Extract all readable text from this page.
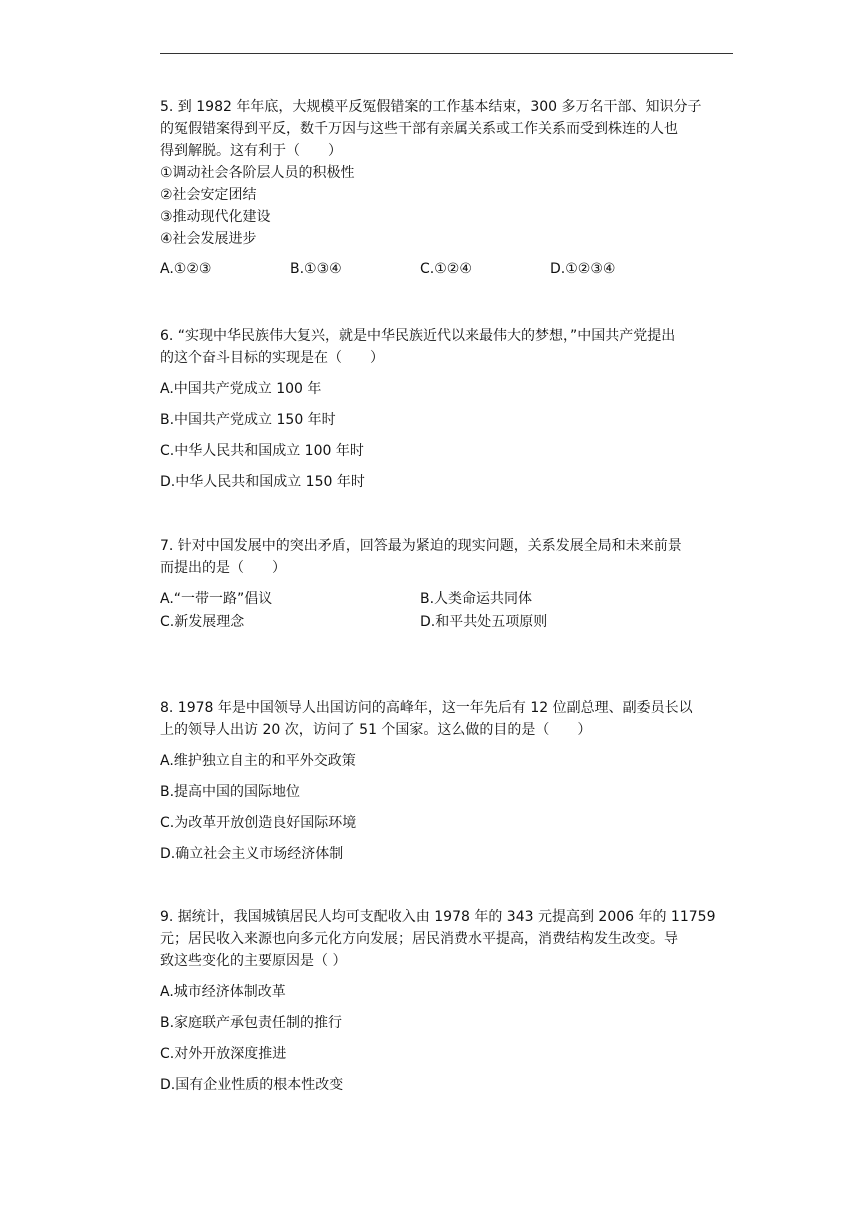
5. 到 1982 年年底，大规模平反冤假错案的工作基本结束，300 多万名干部、知识分子
的冤假错案得到平反，数千万因与这些干部有亲属关系或工作关系而受到株连的人也
得到解脱。这有利于（　　）
①调动社会各阶层人员的积极性
②社会安定团结
③推动现代化建设
④社会发展进步
A.①②③	B.①③④	C.①②④	D.①②③④
6. “实现中华民族伟大复兴，就是中华民族近代以来最伟大的梦想，”中国共产党提出
的这个奋斗目标的实现是在（　　）
A.中国共产党成立 100 年
B.中国共产党成立 150 年时
C.中华人民共和国成立 100 年时
D.中华人民共和国成立 150 年时
7. 针对中国发展中的突出矛盾，回答最为紧迫的现实问题，关系发展全局和未来前景
而提出的是（　　）
A.“一带一路”倡议	B.人类命运共同体
C.新发展理念	D.和平共处五项原则
8. 1978 年是中国领导人出国访问的高峰年，这一年先后有 12 位副总理、副委员长以
上的领导人出访 20 次，访问了 51 个国家。这么做的目的是（　　）
A.维护独立自主的和平外交政策
B.提高中国的国际地位
C.为改革开放创造良好国际环境
D.确立社会主义市场经济体制
9. 据统计，我国城镇居民人均可支配收入由 1978 年的 343 元提高到 2006 年的 11759
元；居民收入来源也向多元化方向发展；居民消费水平提高，消费结构发生改变。导
致这些变化的主要原因是（ ）
A.城市经济体制改革
B.家庭联产承包责任制的推行
C.对外开放深度推进
D.国有企业性质的根本性改变
